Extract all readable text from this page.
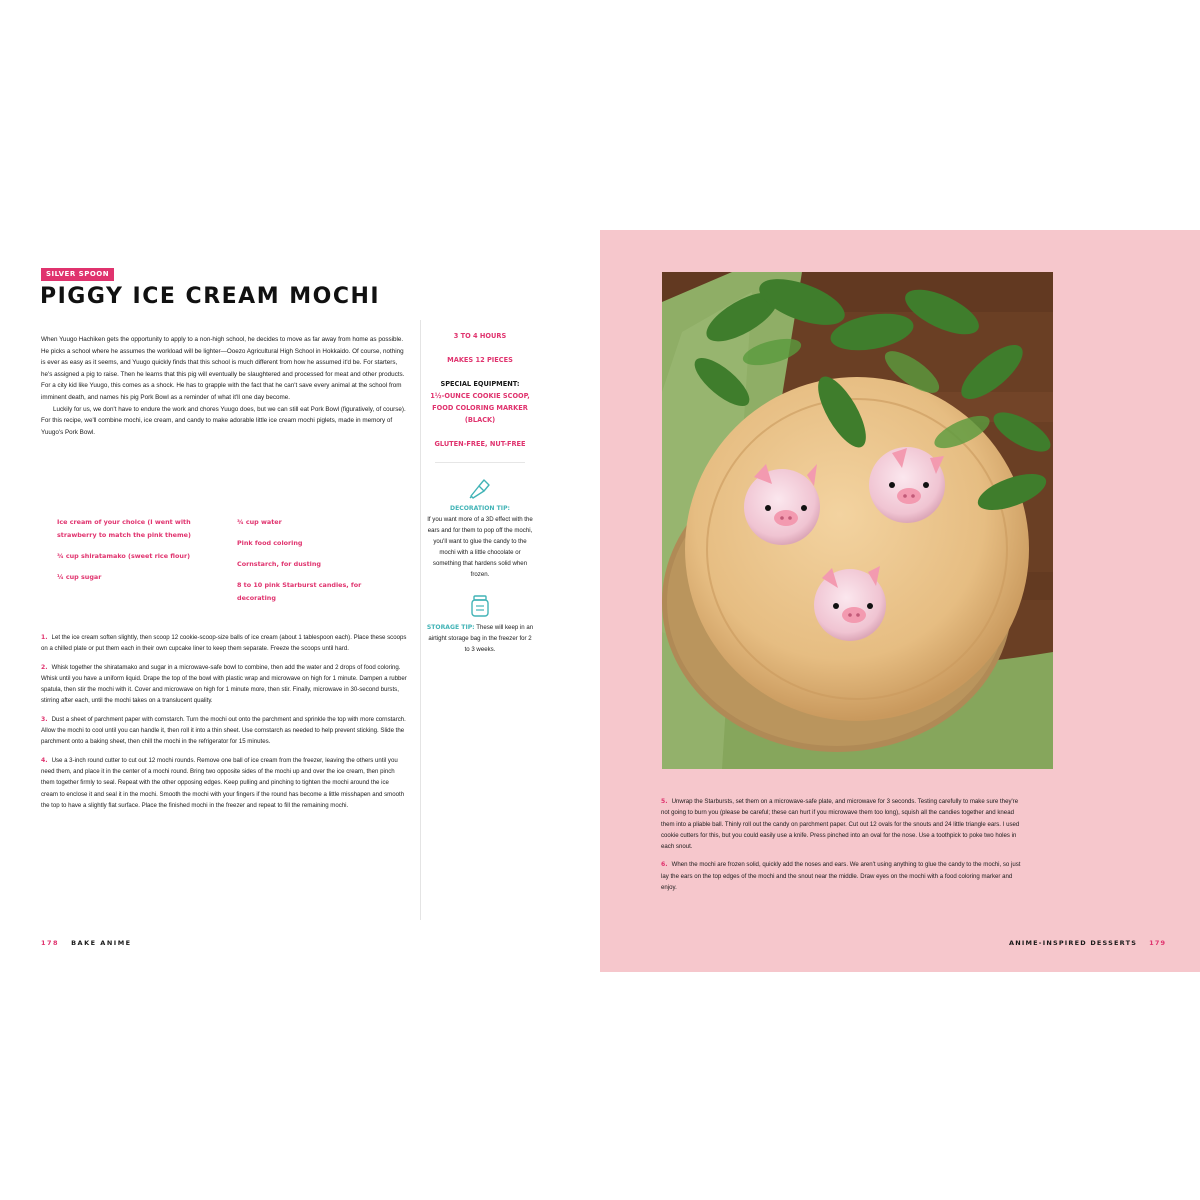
SILVER SPOON
PIGGY ICE CREAM MOCHI

When Yuugo Hachiken gets the opportunity to apply to a non-high school, he decides to move as far away from home as possible. He picks a school where he assumes the workload will be lighter—Ooezo Agricultural High School in Hokkaido. Of course, nothing is ever as easy as it seems, and Yuugo quickly finds that this school is much different from how he assumed it'd be. For starters, he's assigned a pig to raise. Then he learns that this pig will eventually be slaughtered and processed for meat and other products. For a city kid like Yuugo, this comes as a shock. He has to grapple with the fact that he can't save every animal at the school from imminent death, and names his pig Pork Bowl as a reminder of what it'll one day become.

Luckily for us, we don't have to endure the work and chores Yuugo does, but we can still eat Pork Bowl (figuratively, of course). For this recipe, we'll combine mochi, ice cream, and candy to make adorable little ice cream mochi piglets, made in memory of Yuugo's Pork Bowl.

Ice cream of your choice (I went with strawberry to match the pink theme)

¾ cup shiratamako (sweet rice flour)

¼ cup sugar

¾ cup water

Pink food coloring

Cornstarch, for dusting

8 to 10 pink Starburst candies, for decorating

1. Let the ice cream soften slightly, then scoop 12 cookie-scoop-size balls of ice cream (about 1 tablespoon each). Place these scoops on a chilled plate or put them each in their own cupcake liner to keep them separate. Freeze the scoops until hard.

2. Whisk together the shiratamako and sugar in a microwave-safe bowl to combine, then add the water and 2 drops of food coloring. Whisk until you have a uniform liquid. Drape the top of the bowl with plastic wrap and microwave on high for 1 minute. Dampen a rubber spatula, then stir the mochi with it. Cover and microwave on high for 1 minute more, then stir. Finally, microwave in 30-second bursts, stirring after each, until the mochi takes on a translucent quality.

3. Dust a sheet of parchment paper with cornstarch. Turn the mochi out onto the parchment and sprinkle the top with more cornstarch. Allow the mochi to cool until you can handle it, then roll it into a thin sheet. Use cornstarch as needed to help prevent sticking. Slide the parchment onto a baking sheet, then chill the mochi in the refrigerator for 15 minutes.

4. Use a 3-inch round cutter to cut out 12 mochi rounds. Remove one ball of ice cream from the freezer, leaving the others until you need them, and place it in the center of a mochi round. Bring two opposite sides of the mochi up and over the ice cream, then pinch them together firmly to seal. Repeat with the other opposing edges. Keep pulling and pinching to tighten the mochi around the ice cream to enclose it and seal it in the mochi. Smooth the mochi with your fingers if the round has become a little misshapen and smooth the top to have a slightly flat surface. Place the finished mochi in the freezer and repeat to fill the remaining mochi.

3 TO 4 HOURS

MAKES 12 PIECES

SPECIAL EQUIPMENT:
1½-OUNCE COOKIE SCOOP, FOOD COLORING MARKER (BLACK)

GLUTEN-FREE, NUT-FREE

DECORATION TIP:
If you want more of a 3D effect with the ears and for them to pop off the mochi, you'll want to glue the candy to the mochi with a little chocolate or something that hardens solid when frozen.

STORAGE TIP: These will keep in an airtight storage bag in the freezer for 2 to 3 weeks.

178 BAKE ANIME

5. Unwrap the Starbursts, set them on a microwave-safe plate, and microwave for 3 seconds. Testing carefully to make sure they're not going to burn you (please be careful; these can hurt if you microwave them too long), squish all the candies together and knead them into a pliable ball. Thinly roll out the candy on parchment paper. Cut out 12 ovals for the snouts and 24 little triangle ears. I used cookie cutters for this, but you could easily use a knife. Press pinched into an oval for the nose. Use a toothpick to poke two holes in each snout.

6. When the mochi are frozen solid, quickly add the noses and ears. We aren't using anything to glue the candy to the mochi, so just lay the ears on the top edges of the mochi and the snout near the middle. Draw eyes on the mochi with a food coloring marker and enjoy.

ANIME-INSPIRED DESSERTS 179
